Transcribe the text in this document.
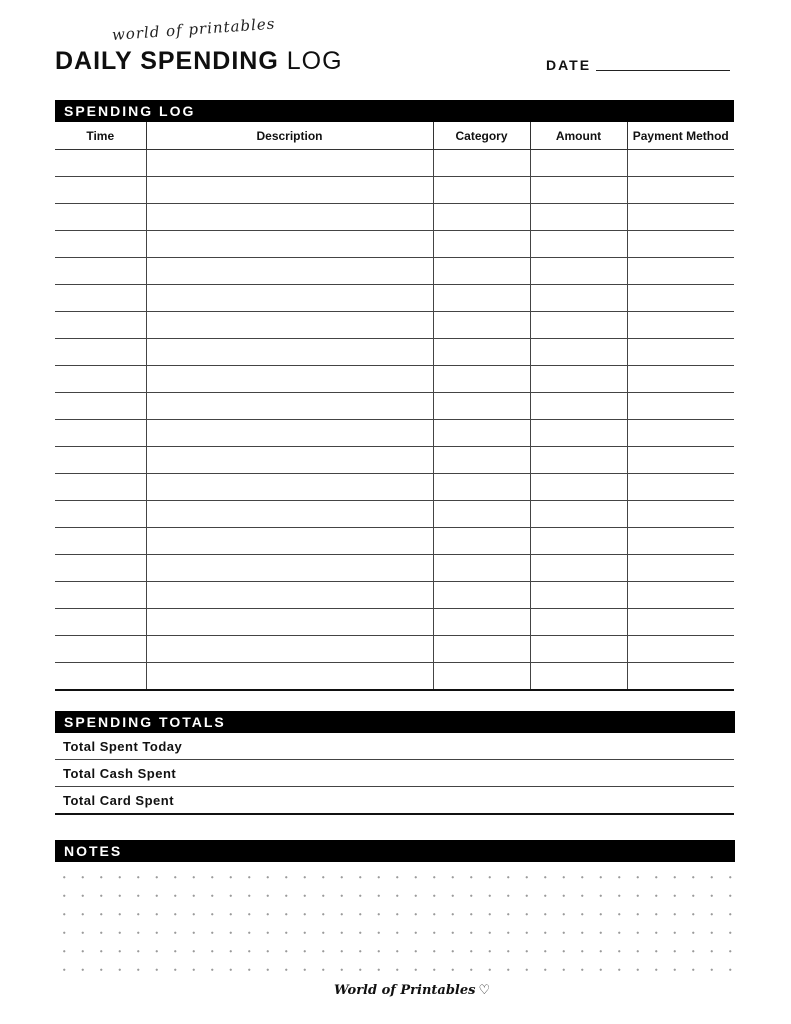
world of printables
DAILY SPENDING LOG	DATE
SPENDING LOG
Time	Description	Category	Amount	Payment Method

SPENDING TOTALS
Total Spent Today
Total Cash Spent
Total Card Spent
NOTES
World of Printables ♡
